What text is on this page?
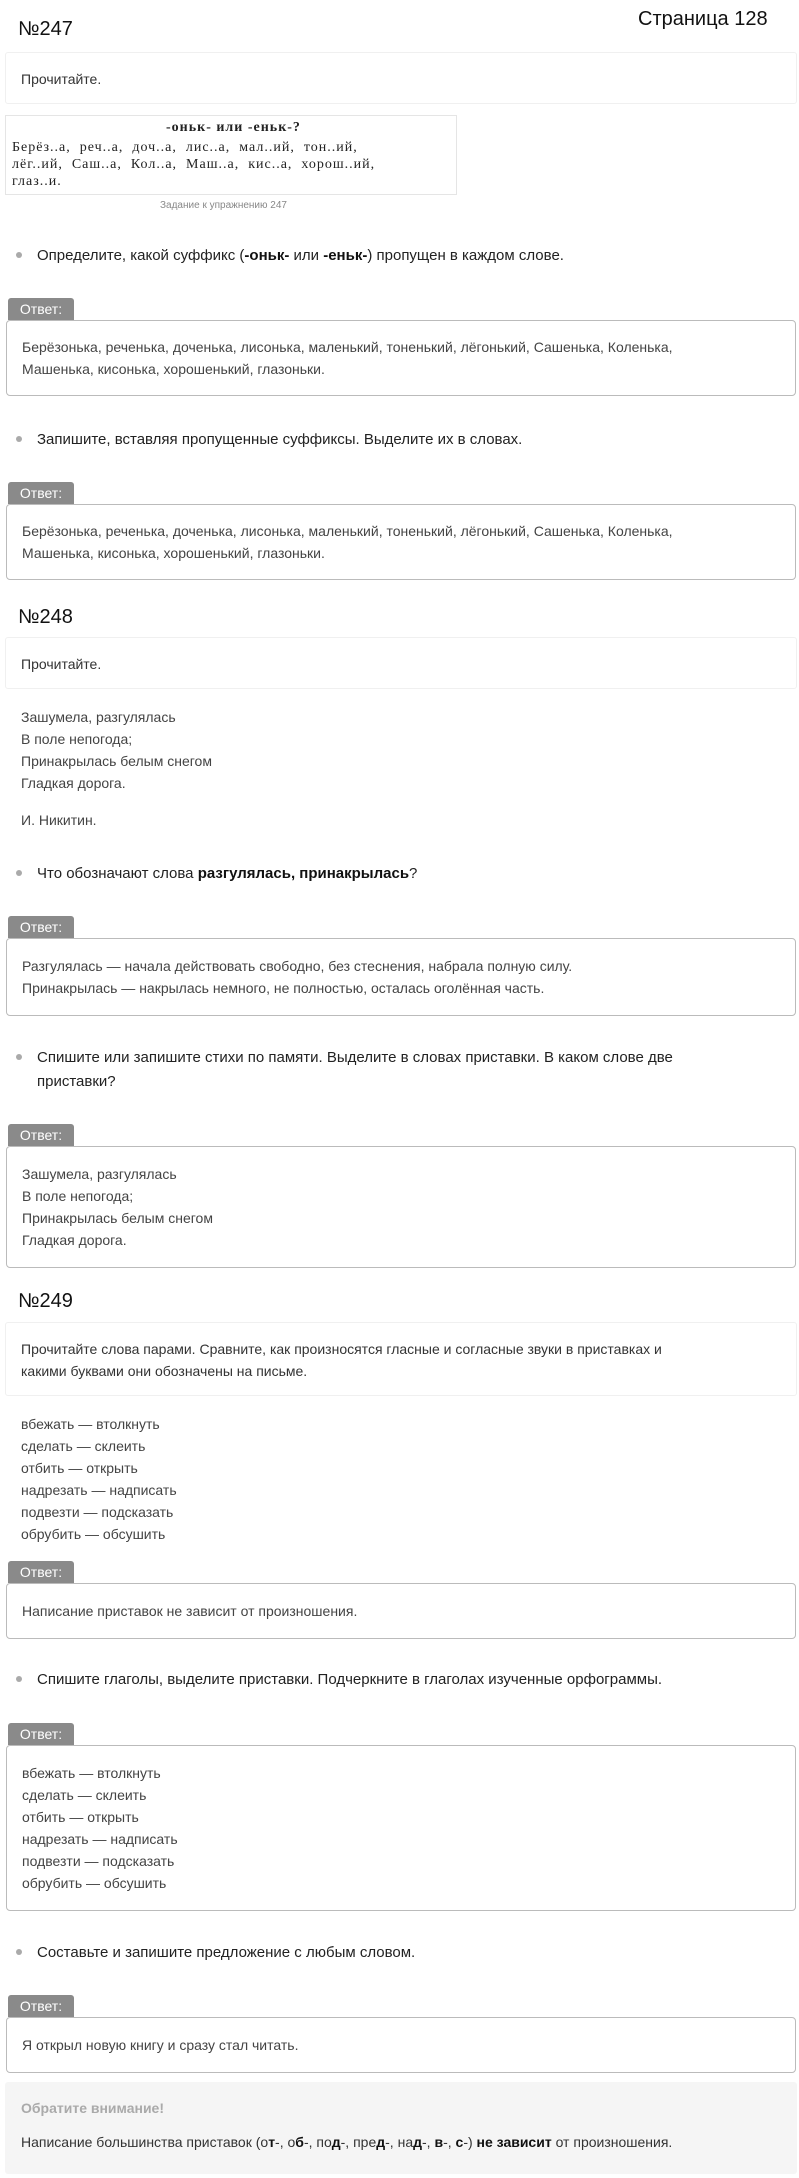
№247	Страница 128
Прочитайте.
-оньк- или -еньк-?
Берёз..а,  реч..а,  доч..а,  лис..а,  мал..ий,  тон..ий,
лёг..ий,  Саш..а,  Кол..а,  Маш..а,  кис..а,  хорош..ий,
глаз..и.
Задание к упражнению 247
Определите, какой суффикс (-оньк- или -еньк-) пропущен в каждом слове.
Ответ:
Берёзонька, реченька, доченька, лисонька, маленький, тоненький, лёгонький, Сашенька, Коленька,
Машенька, кисонька, хорошенький, глазоньки.
Запишите, вставляя пропущенные суффиксы. Выделите их в словах.
Ответ:
Берёзонька, реченька, доченька, лисонька, маленький, тоненький, лёгонький, Сашенька, Коленька,
Машенька, кисонька, хорошенький, глазоньки.
№248
Прочитайте.
Зашумела, разгулялась
В поле непогода;
Принакрылась белым снегом
Гладкая дорога.
И. Никитин.
Что обозначают слова разгулялась, принакрылась?
Ответ:
Разгулялась — начала действовать свободно, без стеснения, набрала полную силу.
Принакрылась — накрылась немного, не полностью, осталась оголённая часть.
Спишите или запишите стихи по памяти. Выделите в словах приставки. В каком слове две
приставки?
Ответ:
Зашумела, разгулялась
В поле непогода;
Принакрылась белым снегом
Гладкая дорога.
№249
Прочитайте слова парами. Сравните, как произносятся гласные и согласные звуки в приставках и
какими буквами они обозначены на письме.
вбежать — втолкнуть
сделать — склеить
отбить — открыть
надрезать — надписать
подвезти — подсказать
обрубить — обсушить
Ответ:
Написание приставок не зависит от произношения.
Спишите глаголы, выделите приставки. Подчеркните в глаголах изученные орфограммы.
Ответ:
вбежать — втолкнуть
сделать — склеить
отбить — открыть
надрезать — надписать
подвезти — подсказать
обрубить — обсушить
Составьте и запишите предложение с любым словом.
Ответ:
Я открыл новую книгу и сразу стал читать.
Обратите внимание!
Написание большинства приставок (от-, об-, под-, пред-, над-, в-, с-) не зависит от произношения.
